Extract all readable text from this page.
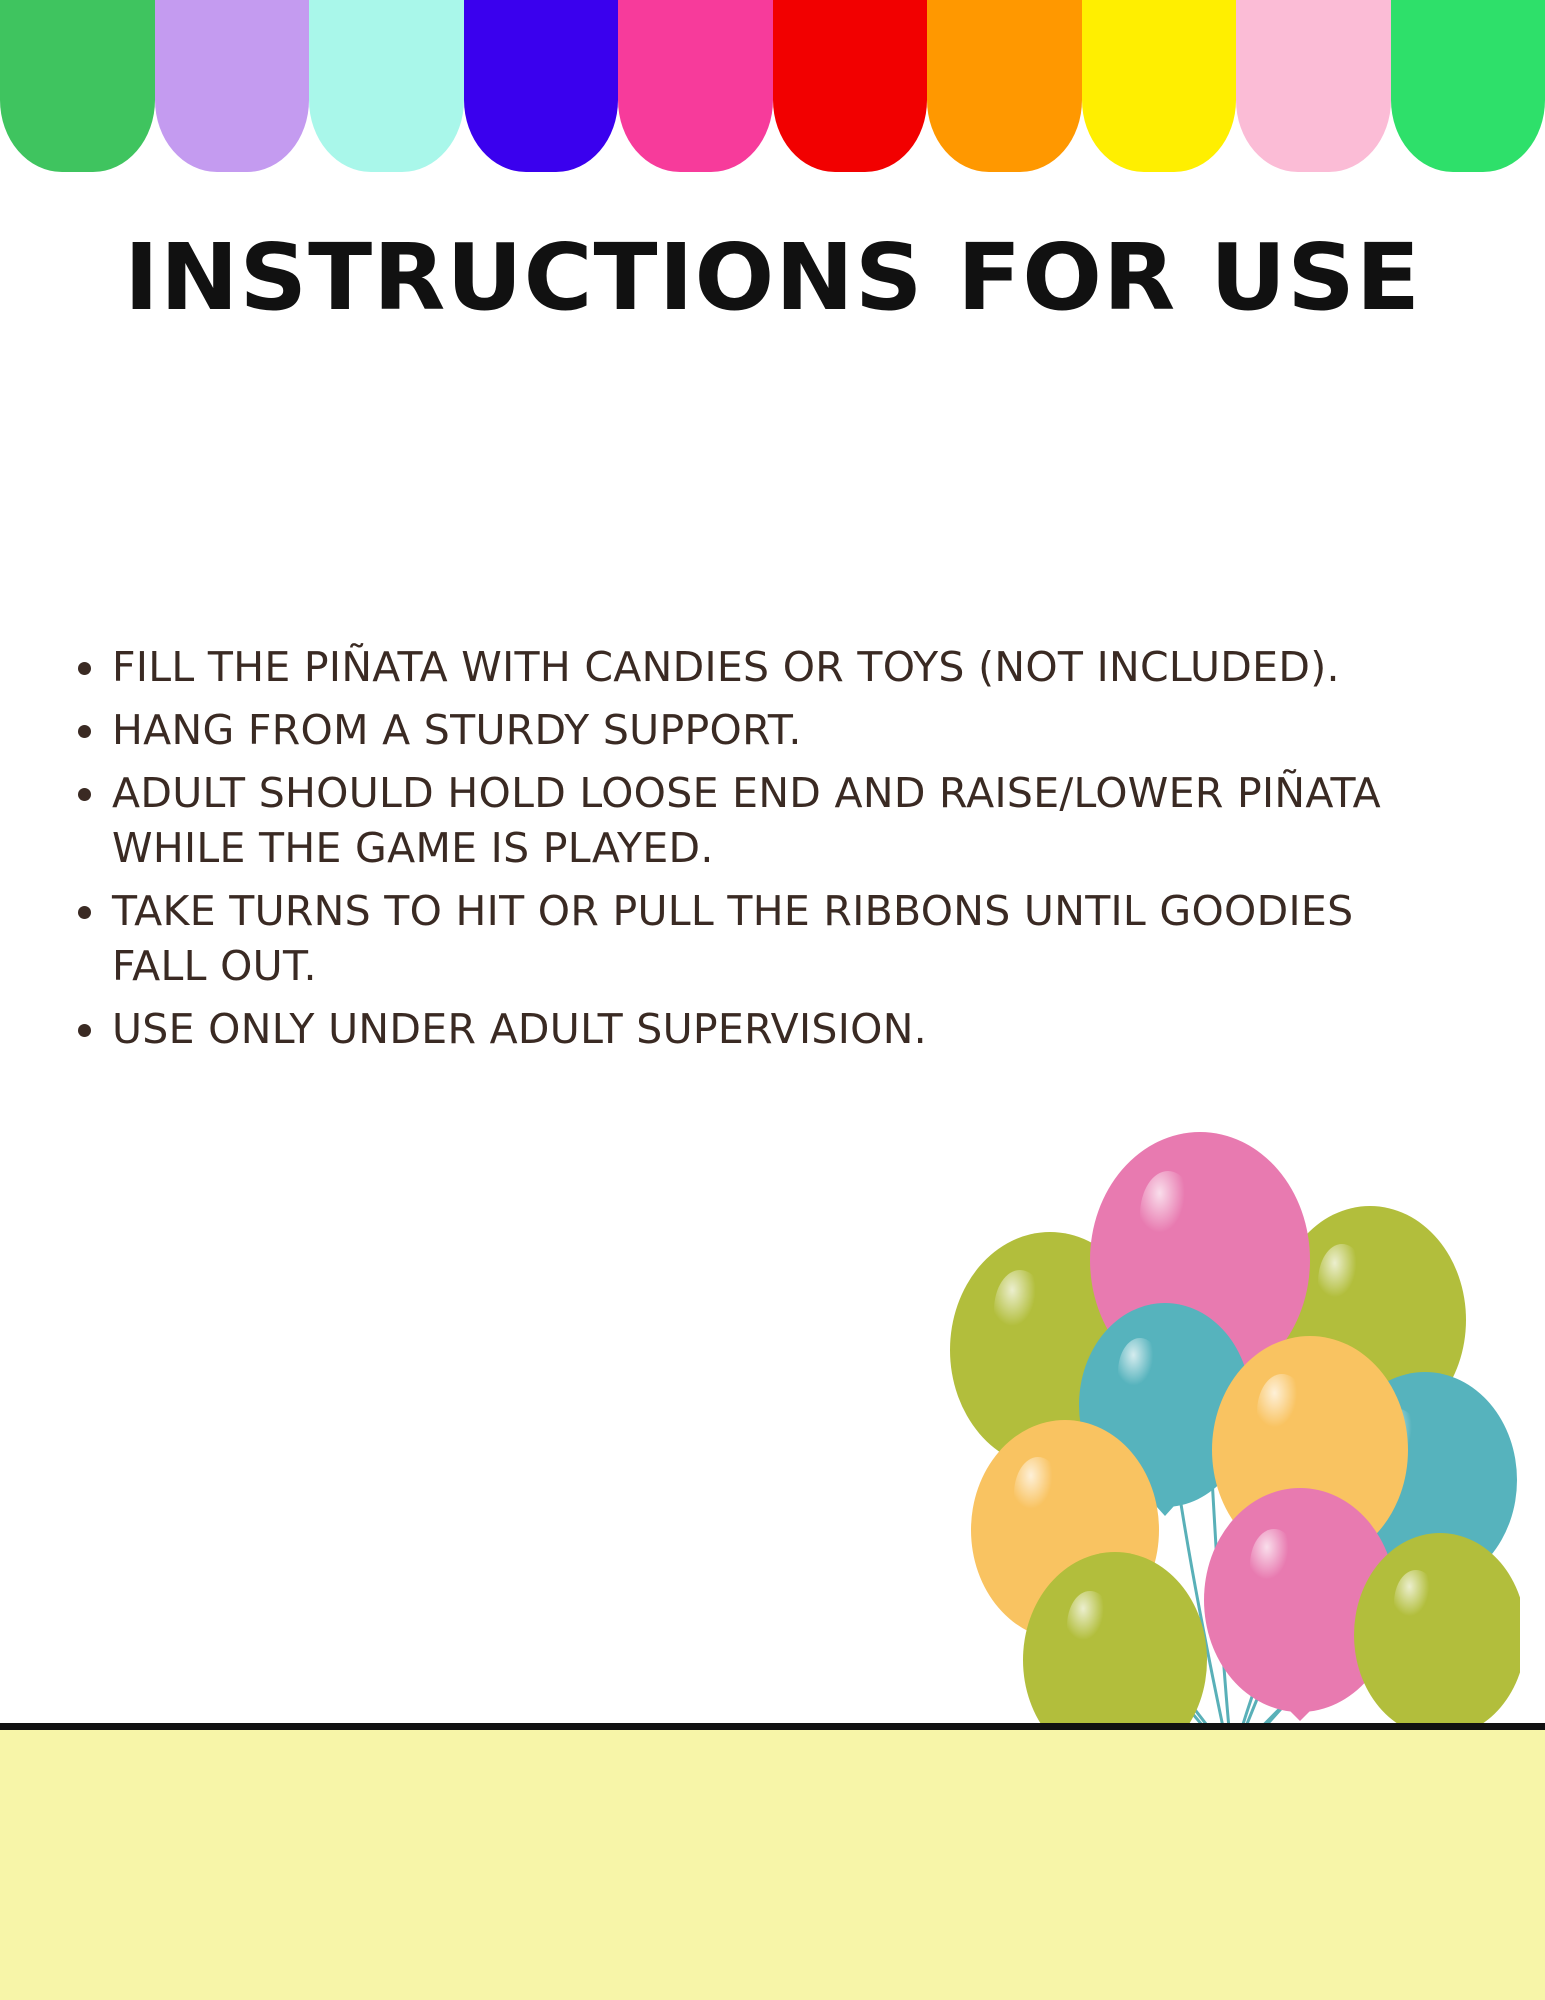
INSTRUCTIONS FOR USE
FILL THE PIÑATA WITH CANDIES OR TOYS (NOT INCLUDED).
HANG FROM A STURDY SUPPORT.
ADULT SHOULD HOLD LOOSE END AND RAISE/LOWER PIÑATA WHILE THE GAME IS PLAYED.
TAKE TURNS TO HIT OR PULL THE RIBBONS UNTIL GOODIES FALL OUT.
USE ONLY UNDER ADULT SUPERVISION.
